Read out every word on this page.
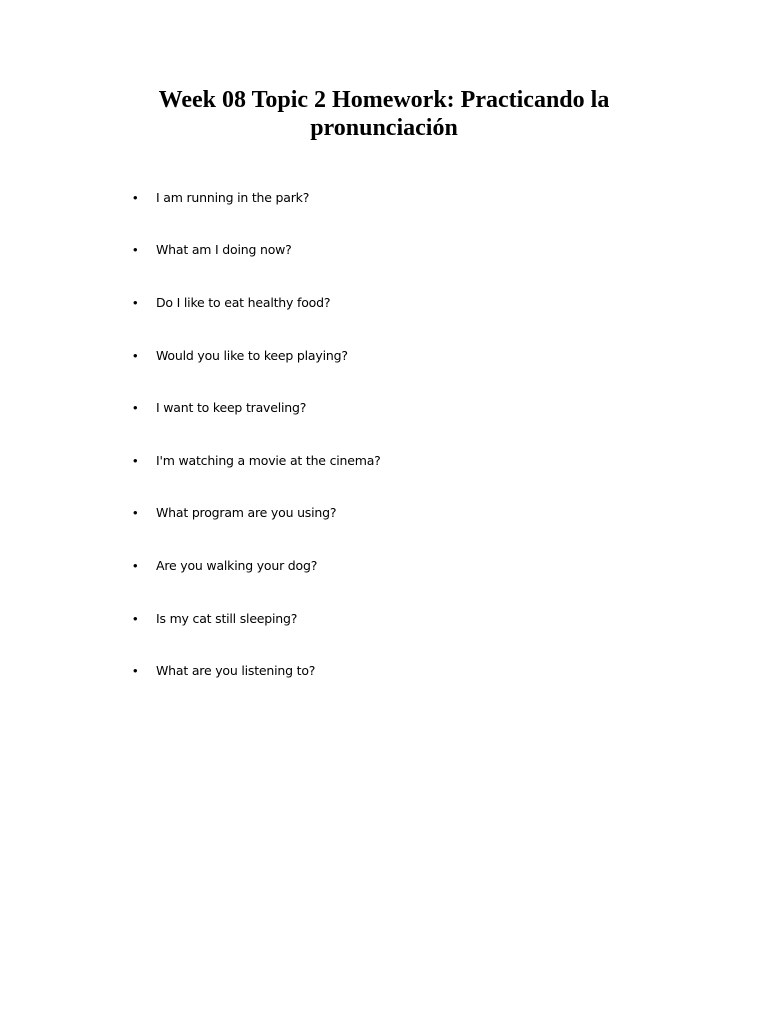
Week 08 Topic 2 Homework: Practicando la
pronunciación
• I am running in the park?
• What am I doing now?
• Do I like to eat healthy food?
• Would you like to keep playing?
• I want to keep traveling?
• I'm watching a movie at the cinema?
• What program are you using?
• Are you walking your dog?
• Is my cat still sleeping?
• What are you listening to?
